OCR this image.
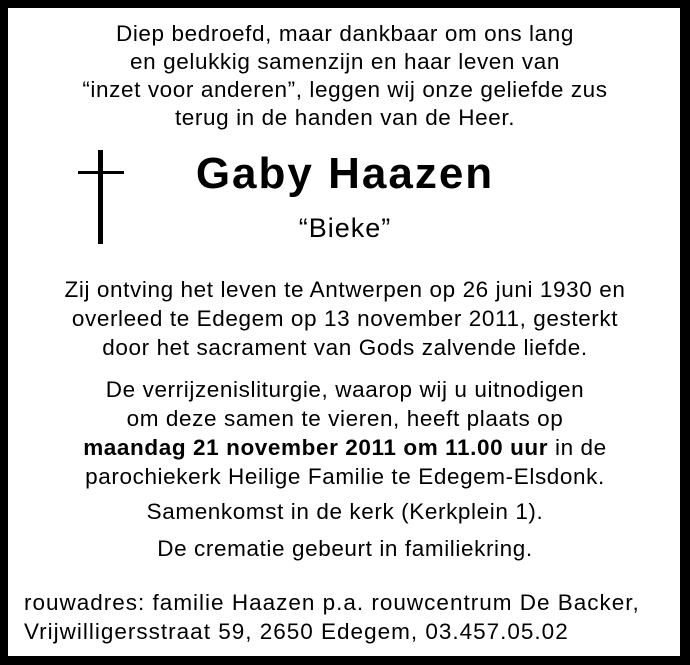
Diep bedroefd, maar dankbaar om ons lang
en gelukkig samenzijn en haar leven van
“inzet voor anderen”, leggen wij onze geliefde zus
terug in de handen van de Heer.
Gaby Haazen
“Bieke”
Zij ontving het leven te Antwerpen op 26 juni 1930 en
overleed te Edegem op 13 november 2011, gesterkt
door het sacrament van Gods zalvende liefde.
De verrijzenisliturgie, waarop wij u uitnodigen
om deze samen te vieren, heeft plaats op
maandag 21 november 2011 om 11.00 uur in de
parochiekerk Heilige Familie te Edegem-Elsdonk.
Samenkomst in de kerk (Kerkplein 1).
De crematie gebeurt in familiekring.
rouwadres: familie Haazen p.a. rouwcentrum De Backer,
Vrijwilligersstraat 59, 2650 Edegem, 03.457.05.02
